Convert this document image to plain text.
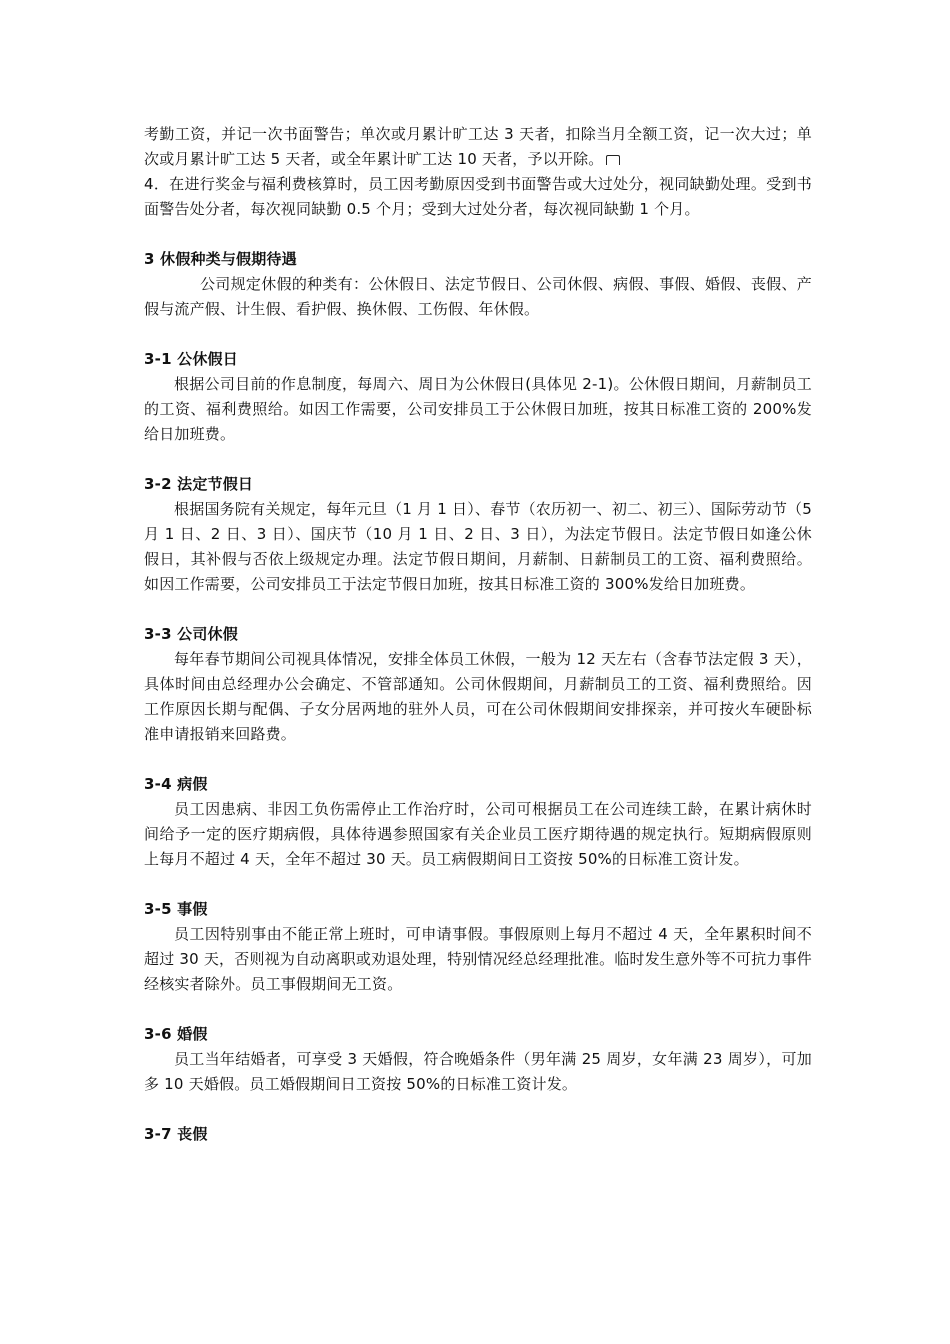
考勤工资，并记一次书面警告；单次或月累计旷工达 3 天者，扣除当月全额工资，记一次大过；单次或月累计旷工达 5 天者，或全年累计旷工达 10 天者，予以开除。

4．在进行奖金与福利费核算时，员工因考勤原因受到书面警告或大过处分，视同缺勤处理。受到书面警告处分者，每次视同缺勤 0.5 个月；受到大过处分者，每次视同缺勤 1 个月。

3 休假种类与假期待遇

公司规定休假的种类有：公休假日、法定节假日、公司休假、病假、事假、婚假、丧假、产假与流产假、计生假、看护假、换休假、工伤假、年休假。

3-1 公休假日

根据公司目前的作息制度，每周六、周日为公休假日(具体见 2-1)。公休假日期间，月薪制员工的工资、福利费照给。如因工作需要，公司安排员工于公休假日加班，按其日标准工资的 200%发给日加班费。

3-2 法定节假日

根据国务院有关规定，每年元旦（1 月 1 日）、春节（农历初一、初二、初三）、国际劳动节（5 月 1 日、2 日、3 日）、国庆节（10 月 1 日、2 日、3 日），为法定节假日。法定节假日如逢公休假日，其补假与否依上级规定办理。法定节假日期间，月薪制、日薪制员工的工资、福利费照给。如因工作需要，公司安排员工于法定节假日加班，按其日标准工资的 300%发给日加班费。

3-3 公司休假

每年春节期间公司视具体情况，安排全体员工休假，一般为 12 天左右（含春节法定假 3 天），具体时间由总经理办公会确定、不管部通知。公司休假期间，月薪制员工的工资、福利费照给。因工作原因长期与配偶、子女分居两地的驻外人员，可在公司休假期间安排探亲，并可按火车硬卧标准申请报销来回路费。

3-4 病假

员工因患病、非因工负伤需停止工作治疗时，公司可根据员工在公司连续工龄，在累计病休时间给予一定的医疗期病假，具体待遇参照国家有关企业员工医疗期待遇的规定执行。短期病假原则上每月不超过 4 天，全年不超过 30 天。员工病假期间日工资按 50%的日标准工资计发。

3-5 事假

员工因特别事由不能正常上班时，可申请事假。事假原则上每月不超过 4 天，全年累积时间不超过 30 天，否则视为自动离职或劝退处理，特别情况经总经理批准。临时发生意外等不可抗力事件经核实者除外。员工事假期间无工资。

3-6 婚假

员工当年结婚者，可享受 3 天婚假，符合晚婚条件（男年满 25 周岁，女年满 23 周岁），可加多 10 天婚假。员工婚假期间日工资按 50%的日标准工资计发。

3-7 丧假
